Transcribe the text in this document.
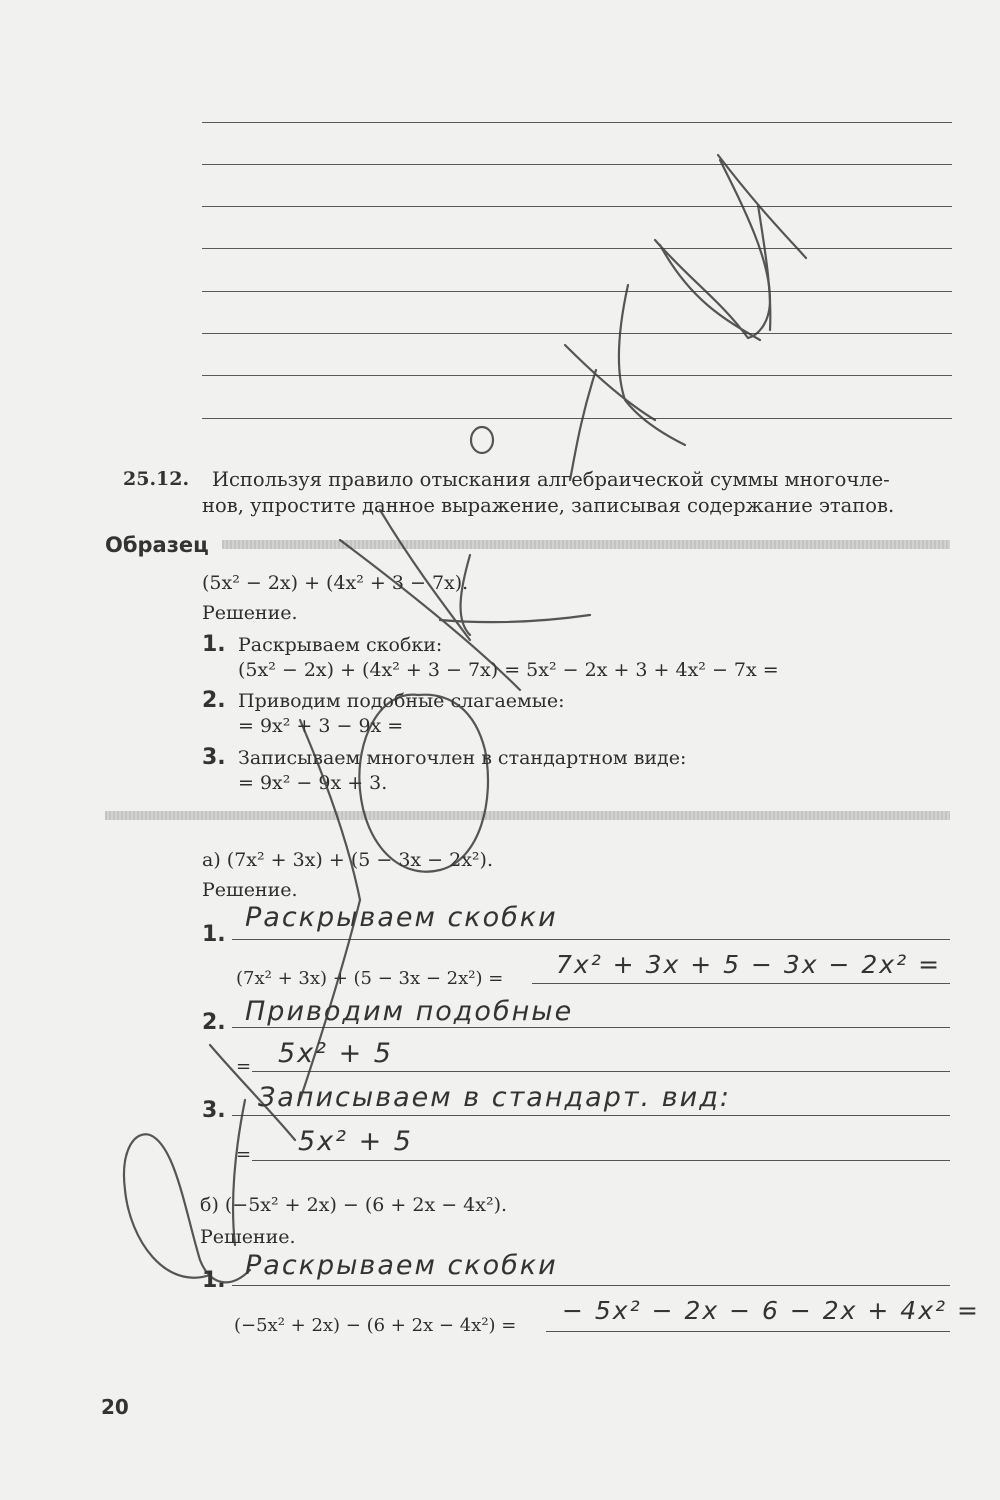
25.12. Используя правило отыскания алгебраической суммы многочле-
нов, упростите данное выражение, записывая содержание этапов.
Образец
(5x² − 2x) + (4x² + 3 − 7x).
Решение.
1. Раскрываем скобки:
(5x² − 2x) + (4x² + 3 − 7x) = 5x² − 2x + 3 + 4x² − 7x =
2. Приводим подобные слагаемые:
= 9x² + 3 − 9x =
3. Записываем многочлен в стандартном виде:
= 9x² − 9x + 3.
а) (7x² + 3x) + (5 − 3x − 2x²).
Решение.
1.
Раскрываем скобки
(7x² + 3x) + (5 − 3x − 2x²) = 7x² + 3x + 5 − 3x − 2x² =
2. Приводим подобные
= 5x² + 5
3. Записываем в стандарт. вид:
= 5x² + 5
б) (−5x² + 2x) − (6 + 2x − 4x²).
Решение.
1. Раскрываем скобки
(−5x² + 2x) − (6 + 2x − 4x²) =
− 5x² − 2x − 6 − 2x + 4x² =
20
